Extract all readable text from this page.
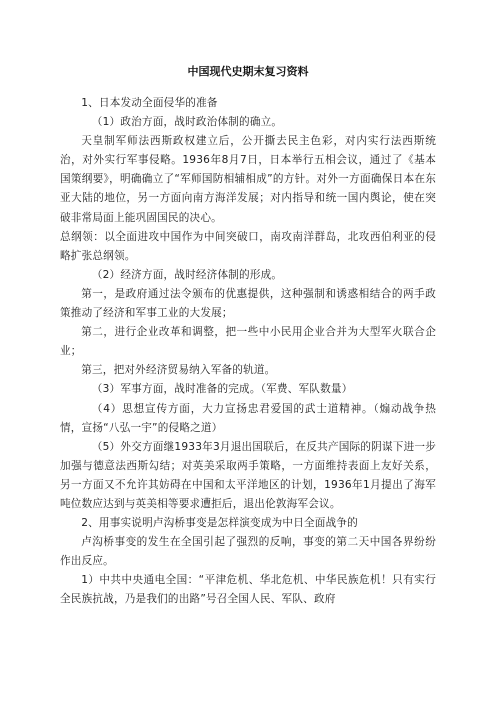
中国现代史期末复习资料

1、日本发动全面侵华的准备

（1）政治方面，战时政治体制的确立。

天皇制军师法西斯政权建立后，公开撕去民主色彩，对内实行法西斯统治，对外实行军事侵略。1936年8月7日，日本举行五相会议，通过了《基本国策纲要》，明确确立了“军师国防相辅相成”的方针。对外一方面确保日本在东亚大陆的地位，另一方面向南方海洋发展；对内指导和统一国内舆论，使在突破非常局面上能巩固国民的决心。

总纲领：以全面进攻中国作为中间突破口，南攻南洋群岛，北攻西伯利亚的侵略扩张总纲领。

（2）经济方面，战时经济体制的形成。

第一，是政府通过法令颁布的优惠提供，这种强制和诱惑相结合的两手政策推动了经济和军事工业的大发展；

第二，进行企业改革和调整，把一些中小民用企业合并为大型军火联合企业；

第三，把对外经济贸易纳入军备的轨道。

（3）军事方面，战时准备的完成。（军费、军队数量）

（4）思想宣传方面，大力宣扬忠君爱国的武士道精神。（煽动战争热情，宣扬“八弘一宇”的侵略之道）

（5）外交方面继1933年3月退出国联后，在反共产国际的阴谋下进一步加强与德意法西斯勾结；对英美采取两手策略，一方面维持表面上友好关系，另一方面又不允许其妨碍在中国和太平洋地区的计划，1936年1月提出了海军吨位数应达到与英美相等要求遭拒后，退出伦敦海军会议。

2、用事实说明卢沟桥事变是怎样演变成为中日全面战争的

卢沟桥事变的发生在全国引起了强烈的反响，事变的第二天中国各界纷纷作出反应。

1）中共中央通电全国：“平津危机、华北危机、中华民族危机！只有实行全民族抗战，乃是我们的出路”号召全国人民、军队、政府
